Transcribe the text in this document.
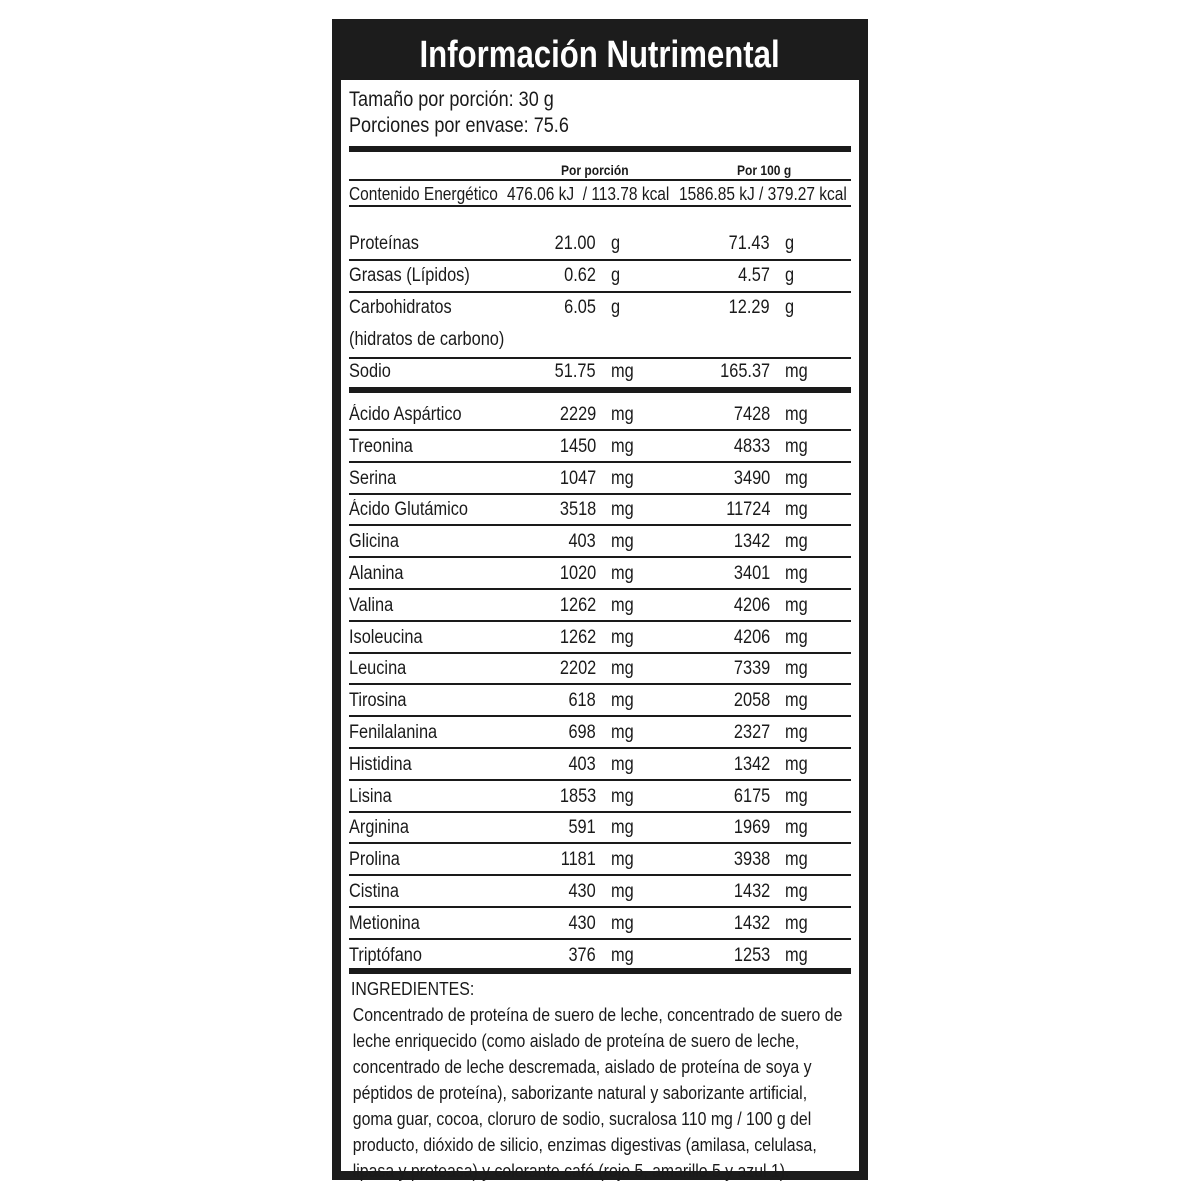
Información Nutrimental
Tamaño por porción: 30 g
Porciones por envase: 75.6
Por porción	Por 100 g
Contenido Energético 476.06 kJ  / 113.78 kcal 1586.85 kJ / 379.27 kcal
Proteínas	21.00 g	71.43 g
Grasas (Lípidos)	0.62 g	4.57 g
Carbohidratos	6.05 g	12.29 g
(hidratos de carbono)
Sodio	51.75 mg	165.37 mg
Ácido Aspártico	2229 mg	7428 mg
Treonina	1450 mg	4833 mg
Serina	1047 mg	3490 mg
Ácido Glutámico	3518 mg	11724 mg
Glicina	403 mg	1342 mg
Alanina	1020 mg	3401 mg
Valina	1262 mg	4206 mg
Isoleucina	1262 mg	4206 mg
Leucina	2202 mg	7339 mg
Tirosina	618 mg	2058 mg
Fenilalanina	698 mg	2327 mg
Histidina	403 mg	1342 mg
Lisina	1853 mg	6175 mg
Arginina	591 mg	1969 mg
Prolina	1181 mg	3938 mg
Cistina	430 mg	1432 mg
Metionina	430 mg	1432 mg
Triptófano	376 mg	1253 mg
INGREDIENTES:
Concentrado de proteína de suero de leche, concentrado de suero de leche enriquecido (como aislado de proteína de suero de leche, concentrado de leche descremada, aislado de proteína de soya y péptidos de proteína), saborizante natural y saborizante artificial, goma guar, cocoa, cloruro de sodio, sucralosa 110 mg / 100 g del producto, dióxido de silicio, enzimas digestivas (amilasa, celulasa, lipasa y proteasa) y colorante café (rojo 5, amarillo 5 y azul 1).
